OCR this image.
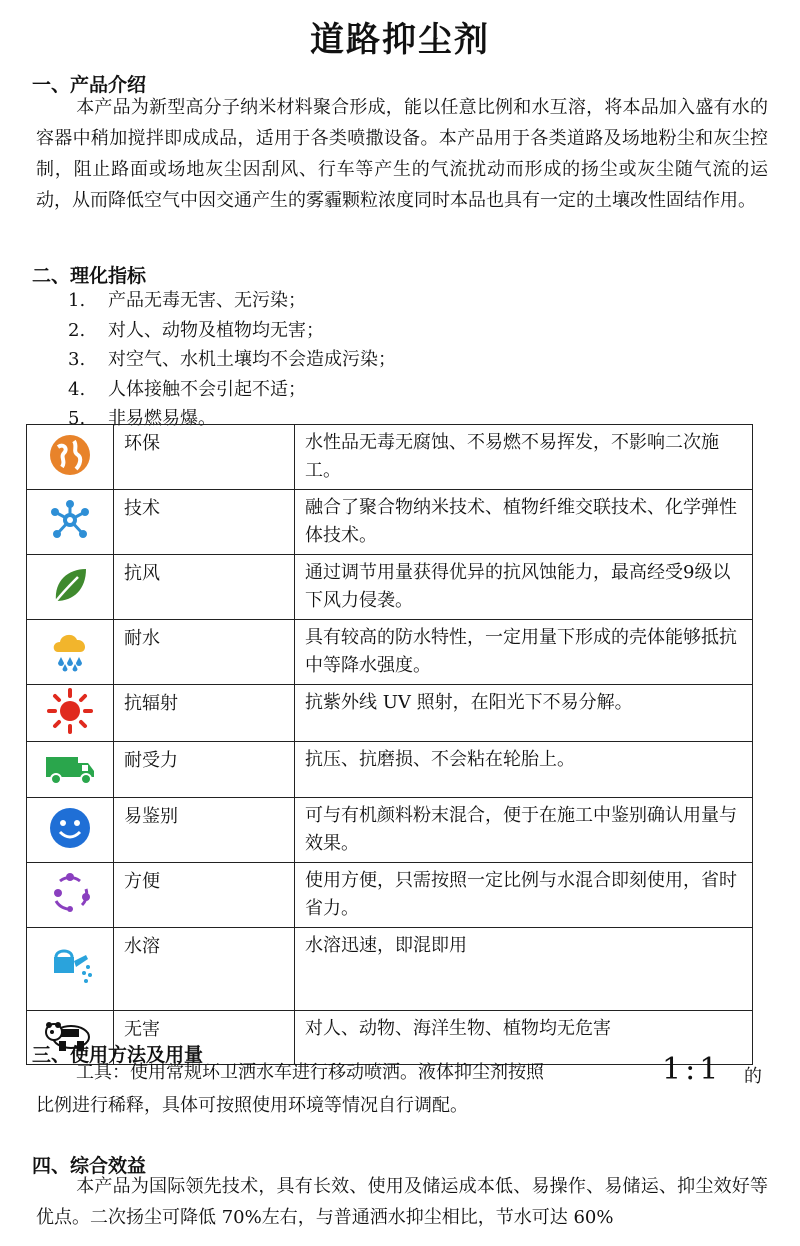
道路抑尘剂
一、产品介绍
本产品为新型高分子纳米材料聚合形成，能以任意比例和水互溶，将本品加入盛有水的容器中稍加搅拌即成成品，适用于各类喷撒设备。本产品用于各类道路及场地粉尘和灰尘控制，阻止路面或场地灰尘因刮风、行车等产生的气流扰动而形成的扬尘或灰尘随气流的运动，从而降低空气中因交通产生的雾霾颗粒浓度同时本品也具有一定的土壤改性固结作用。
二、理化指标
1. 产品无毒无害、无污染；
2. 对人、动物及植物均无害；
3. 对空气、水机土壤均不会造成污染；
4. 人体接触不会引起不适；
5. 非易燃易爆。
	环保	水性品无毒无腐蚀、不易燃不易挥发，不影响二次施工。
	技术	融合了聚合物纳米技术、植物纤维交联技术、化学弹性体技术。
	抗风	通过调节用量获得优异的抗风蚀能力，最高经受9级以下风力侵袭。
	耐水	具有较高的防水特性，一定用量下形成的壳体能够抵抗中等降水强度。
	抗辐射	抗紫外线 UV 照射，在阳光下不易分解。
	耐受力	抗压、抗磨损、不会粘在轮胎上。
	易鉴别	可与有机颜料粉末混合，便于在施工中鉴别确认用量与效果。
	方便	使用方便，只需按照一定比例与水混合即刻使用，省时省力。
	水溶	水溶迅速，即混即用
	无害	对人、动物、海洋生物、植物均无危害
三、使用方法及用量
工具：使用常规环卫洒水车进行移动喷洒。液体抑尘剂按照	1:1 的
比例进行稀释，具体可按照使用环境等情况自行调配。
四、综合效益
本产品为国际领先技术，具有长效、使用及储运成本低、易操作、易储运、抑尘效好等优点。二次扬尘可降低 70%左右，与普通洒水抑尘相比，节水可达 60%
